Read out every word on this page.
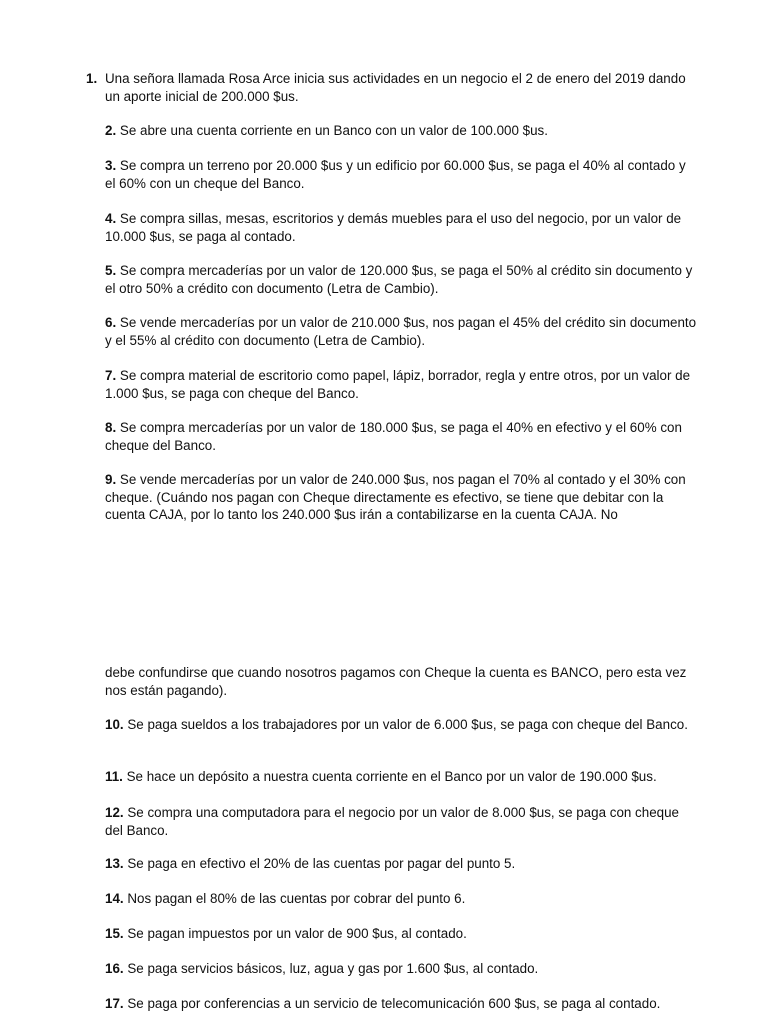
1. Una señora llamada Rosa Arce inicia sus actividades en un negocio el 2 de enero del 2019 dando un aporte inicial de 200.000 $us.

2. Se abre una cuenta corriente en un Banco con un valor de 100.000 $us.

3. Se compra un terreno por 20.000 $us y un edificio por 60.000 $us, se paga el 40% al contado y el 60% con un cheque del Banco.

4. Se compra sillas, mesas, escritorios y demás muebles para el uso del negocio, por un valor de 10.000 $us, se paga al contado.

5. Se compra mercaderías por un valor de 120.000 $us, se paga el 50% al crédito sin documento y el otro 50% a crédito con documento (Letra de Cambio).

6. Se vende mercaderías por un valor de 210.000 $us, nos pagan el 45% del crédito sin documento y el 55% al crédito con documento (Letra de Cambio).

7. Se compra material de escritorio como papel, lápiz, borrador, regla y entre otros, por un valor de 1.000 $us, se paga con cheque del Banco.

8. Se compra mercaderías por un valor de 180.000 $us, se paga el 40% en efectivo y el 60% con cheque del Banco.

9. Se vende mercaderías por un valor de 240.000 $us, nos pagan el 70% al contado y el 30% con cheque. (Cuándo nos pagan con Cheque directamente es efectivo, se tiene que debitar con la cuenta CAJA, por lo tanto los 240.000 $us irán a contabilizarse en la cuenta CAJA. No

debe confundirse que cuando nosotros pagamos con Cheque la cuenta es BANCO, pero esta vez nos están pagando).

10. Se paga sueldos a los trabajadores por un valor de 6.000 $us, se paga con cheque del Banco.

11. Se hace un depósito a nuestra cuenta corriente en el Banco por un valor de 190.000 $us.

12. Se compra una computadora para el negocio por un valor de 8.000 $us, se paga con cheque del Banco.

13. Se paga en efectivo el 20% de las cuentas por pagar del punto 5.

14. Nos pagan el 80% de las cuentas por cobrar del punto 6.

15. Se pagan impuestos por un valor de 900 $us, al contado.

16. Se paga servicios básicos, luz, agua y gas por 1.600 $us, al contado.

17. Se paga por conferencias a un servicio de telecomunicación 600 $us, se paga al contado.
